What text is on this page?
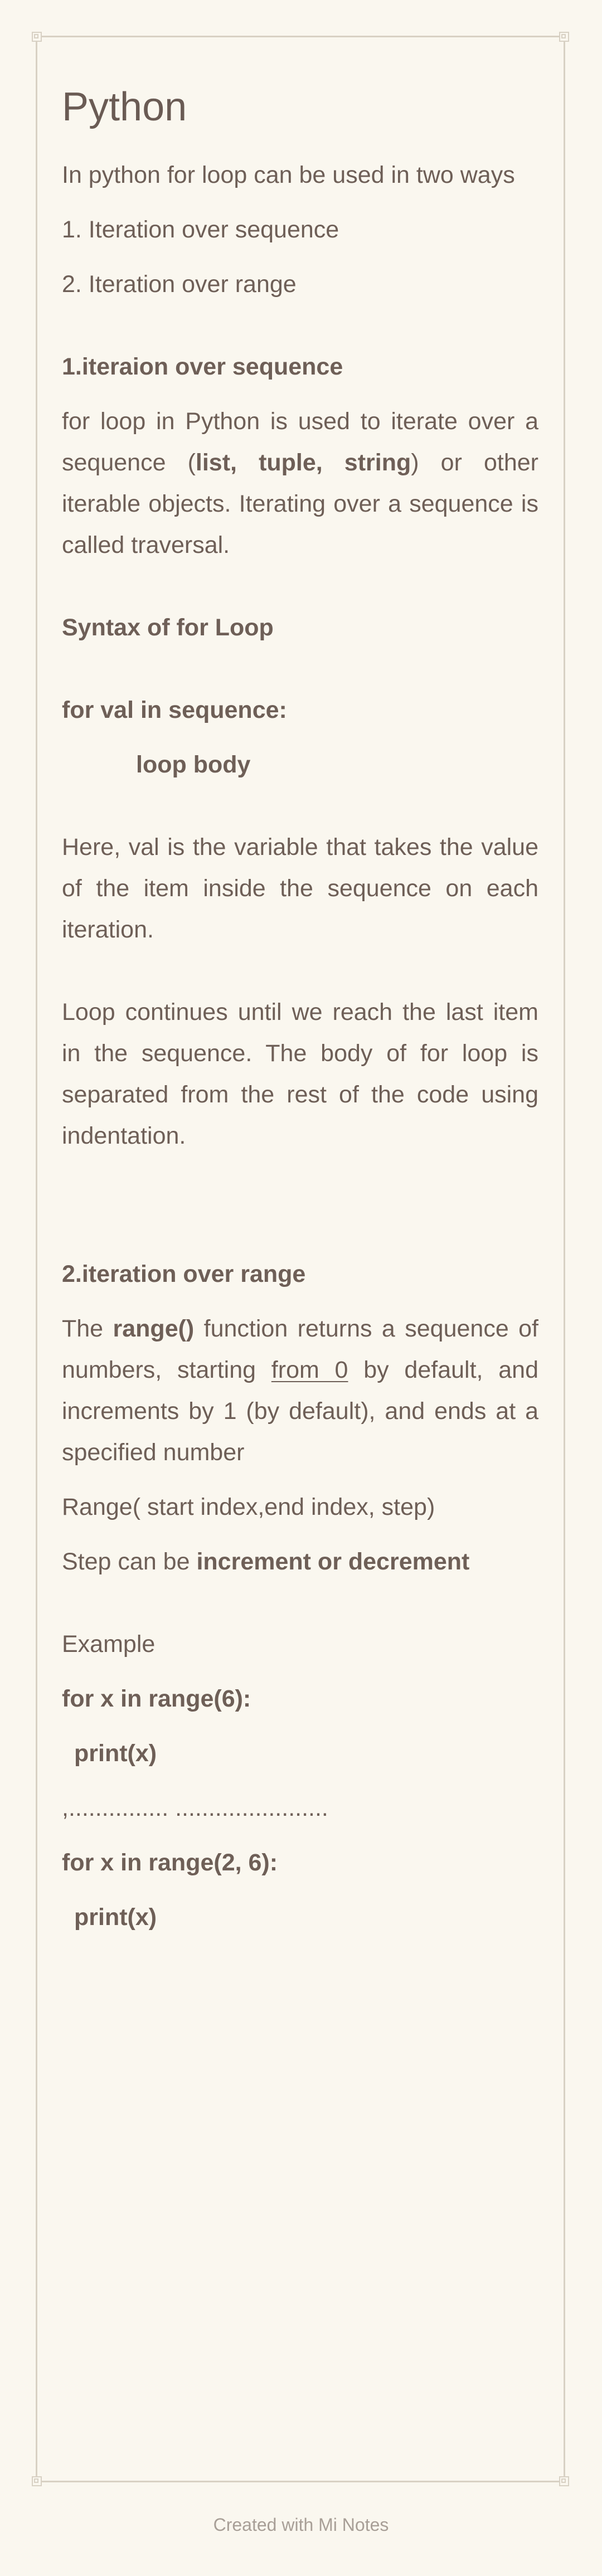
Python

In python for loop can be used in two ways

1. Iteration over sequence

2. Iteration over range

1.iteraion over sequence

for loop in Python is used to iterate over a sequence (list, tuple, string) or other iterable objects. Iterating over a sequence is called traversal.

Syntax of for Loop

for val in sequence:

loop body

Here, val is the variable that takes the value of the item inside the sequence on each iteration.

Loop continues until we reach the last item in the sequence. The body of for loop is separated from the rest of the code using indentation.

2.iteration over range

The range() function returns a sequence of numbers, starting from 0 by default, and increments by 1 (by default), and ends at a specified number

Range( start index,end index, step)

Step can be increment or decrement

Example

for x in range(6):

print(x)

,............... .......................

for x in range(2, 6):

print(x)

Created with Mi Notes
